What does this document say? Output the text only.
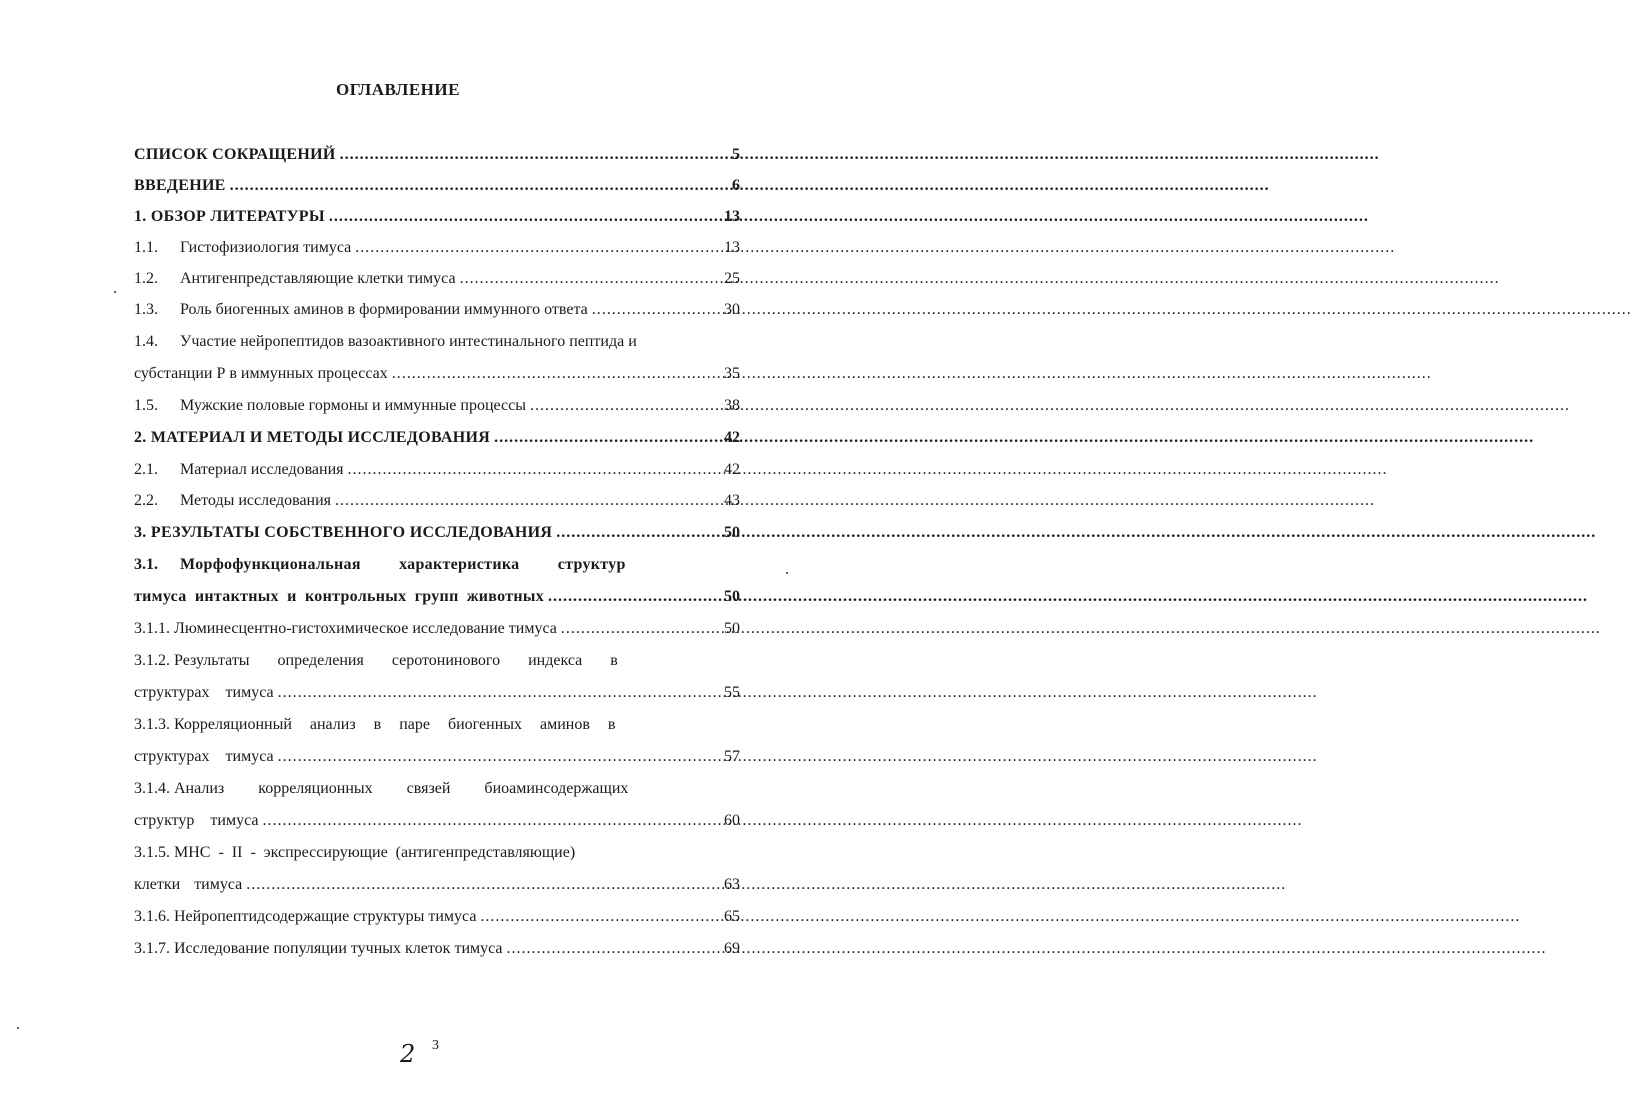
ОГЛАВЛЕНИЕ
СПИСОК СОКРАЩЕНИЙ .....	5
ВВЕДЕНИЕ .....	6
1. ОБЗОР ЛИТЕРАТУРЫ .....	13
1.1.	Гистофизиология тимуса .....	13
1.2.	Антигенпредставляющие клетки тимуса .....	25
1.3.	Роль биогенных аминов в формировании иммунного ответа .....	30
1.4.	Участие нейропептидов вазоактивного интестинального пептида и
субстанции Р в иммунных процессах .....	35
1.5.	Мужские половые гормоны и иммунные процессы .....	38
2. МАТЕРИАЛ И МЕТОДЫ ИССЛЕДОВАНИЯ .....	42
2.1.	Материал исследования .....	42
2.2.	Методы исследования .....	43
3. РЕЗУЛЬТАТЫ СОБСТВЕННОГО ИССЛЕДОВАНИЯ .....	50
3.1.	Морфофункциональная характеристика структур
тимуса интактных и контрольных групп животных .....	50
3.1.1. Люминесцентно-гистохимическое исследование тимуса .....	50
3.1.2. Результаты определения серотонинового индекса в
структурах тимуса .....	55
3.1.3. Корреляционный анализ в паре биогенных аминов в
структурах тимуса .....	57
3.1.4. Анализ корреляционных связей биоаминсодержащих
структур тимуса .....	60
3.1.5. МНС - II - экспрессирующие (антигенпредставляющие)
клетки тимуса .....	63
3.1.6. Нейропептидсодержащие структуры тимуса .....	65
3.1.7. Исследование популяции тучных клеток тимуса .....	69
2 3
